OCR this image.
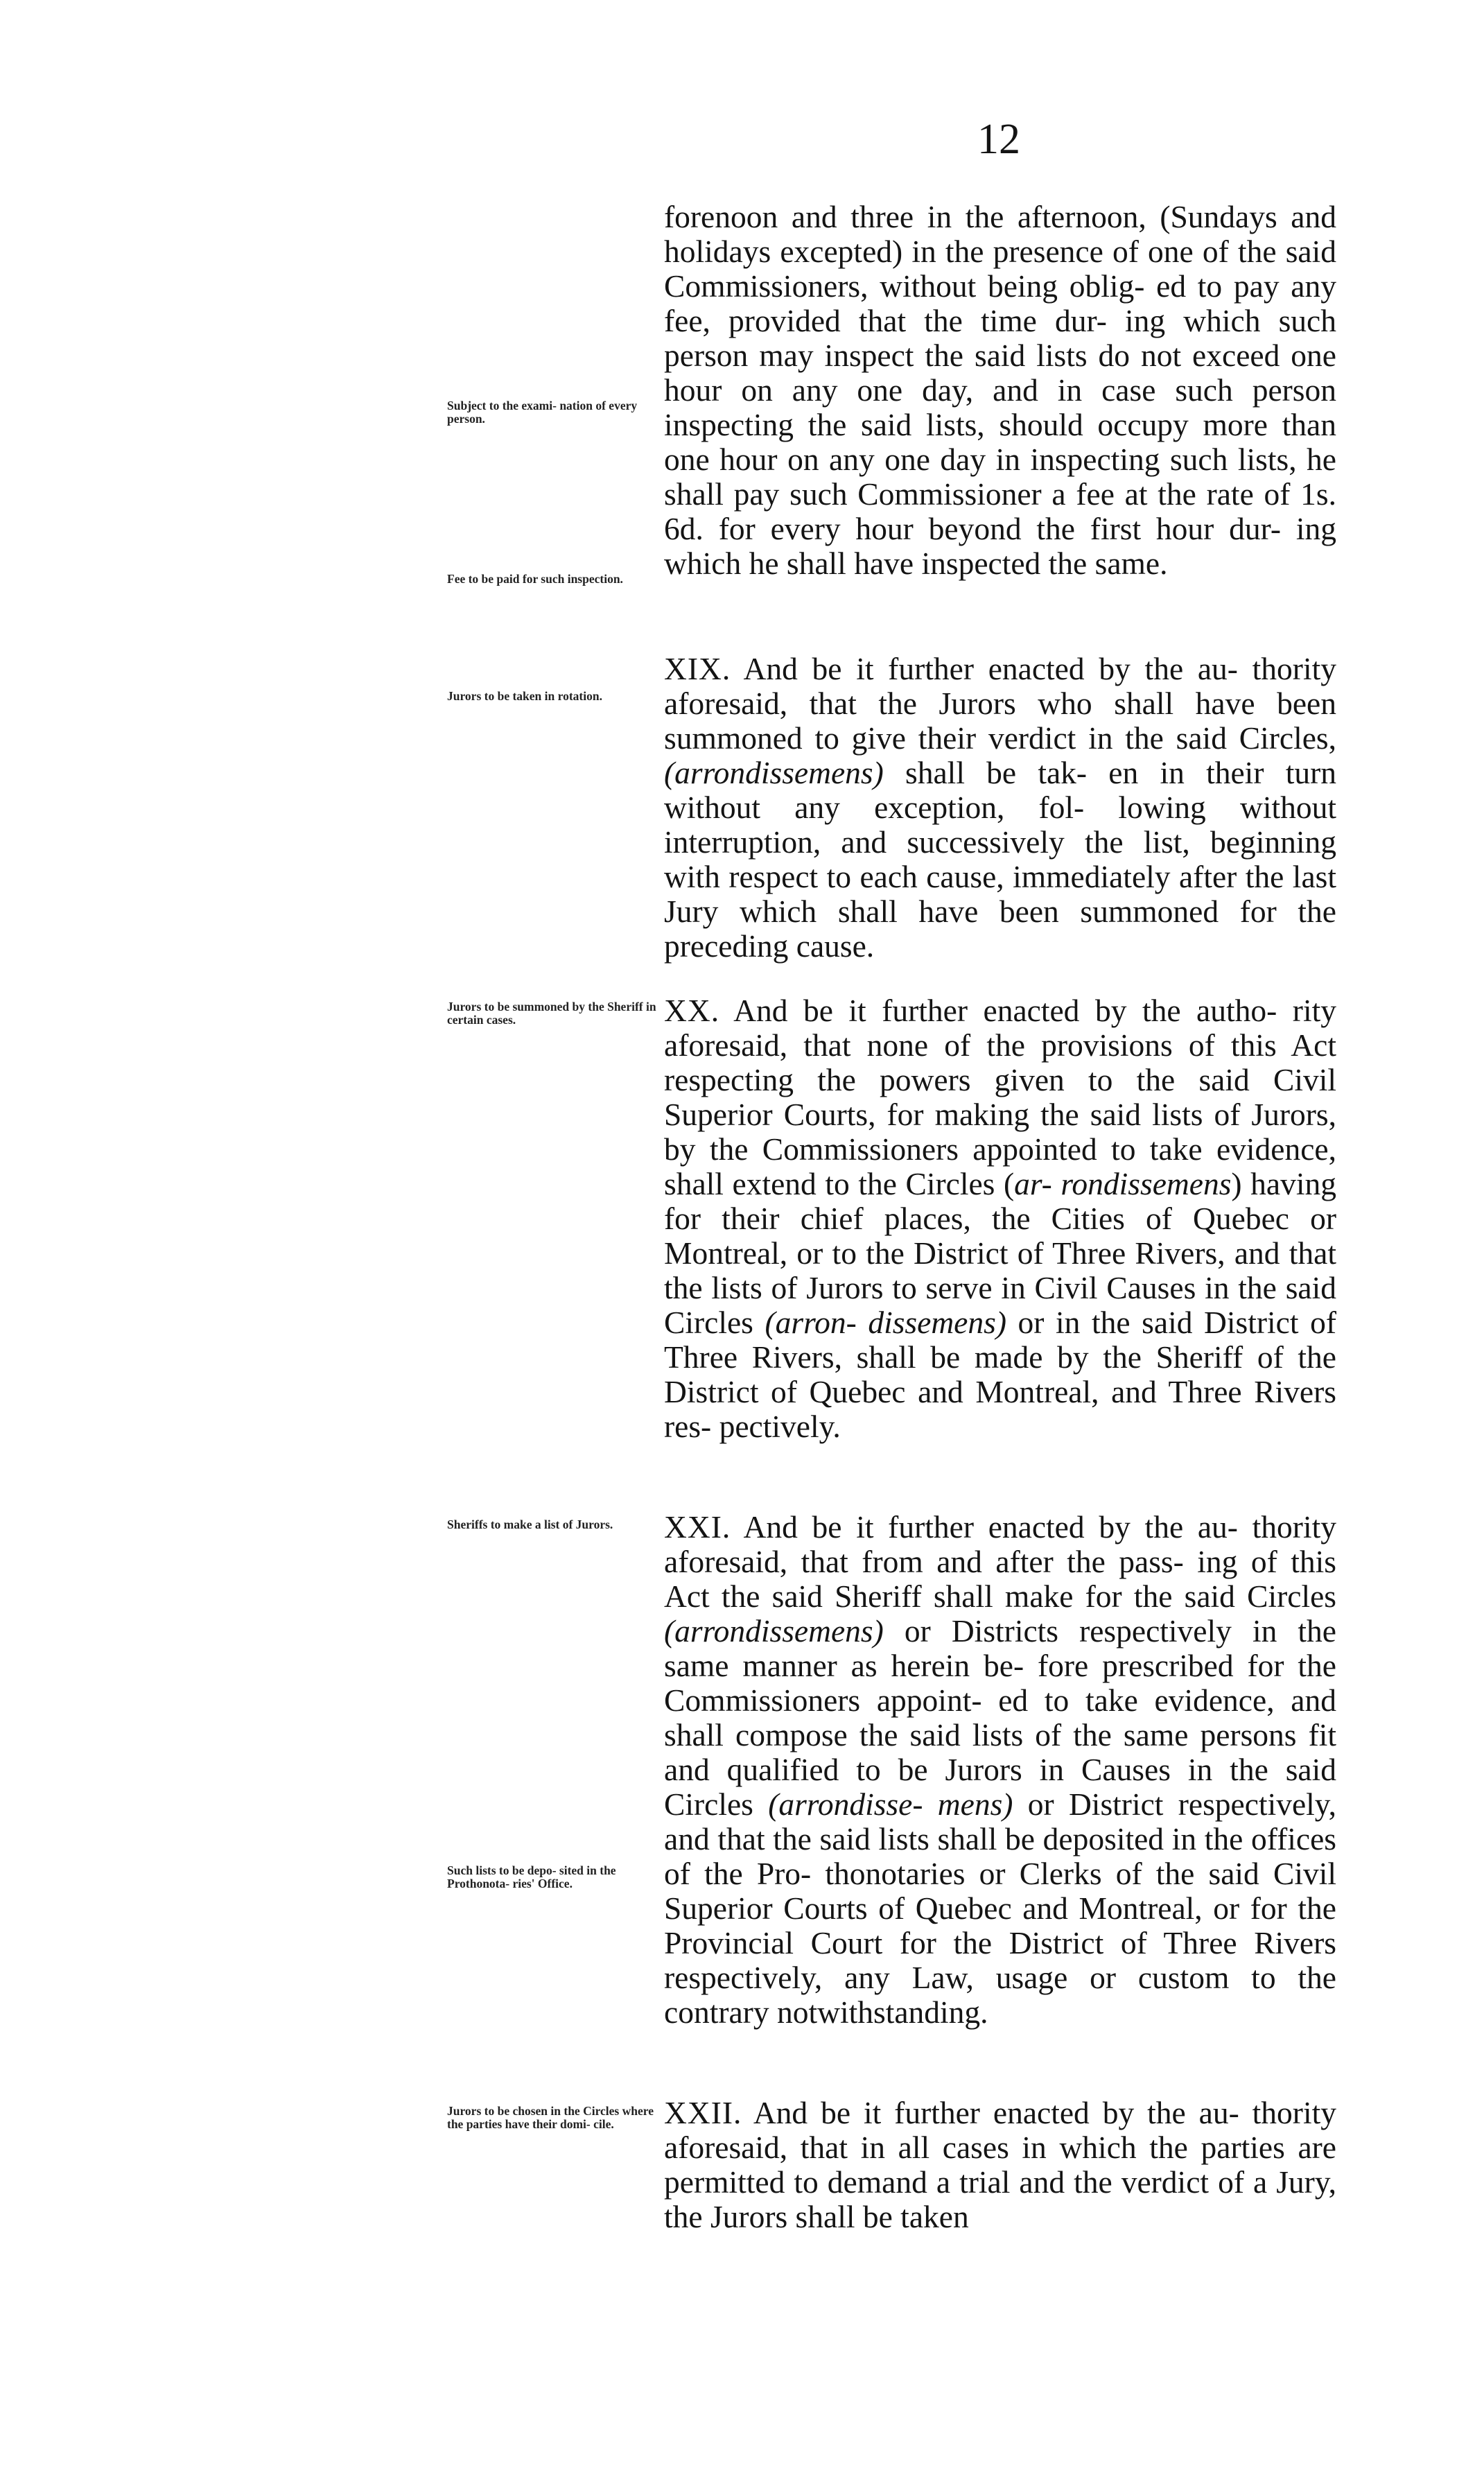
12

Subject to the exami- nation of every person.

Fee to be paid for such inspection.

Jurors to be taken in rotation.

Jurors to be summoned by the Sheriff in certain cases.

Sheriffs to make a list of Jurors.

Such lists to be depo- sited in the Prothonota- ries' Office.

Jurors to be chosen in the Circles where the parties have their domi- cile.

forenoon and three in the afternoon, (Sundays and holidays excepted) in the presence of one of the said Commissioners, without being oblig- ed to pay any fee, provided that the time dur- ing which such person may inspect the said lists do not exceed one hour on any one day, and in case such person inspecting the said lists, should occupy more than one hour on any one day in inspecting such lists, he shall pay such Commissioner a fee at the rate of 1s. 6d. for every hour beyond the first hour dur- ing which he shall have inspected the same.

XIX. And be it further enacted by the au- thority aforesaid, that the Jurors who shall have been summoned to give their verdict in the said Circles, (arrondissemens) shall be tak- en in their turn without any exception, fol- lowing without interruption, and successively the list, beginning with respect to each cause, immediately after the last Jury which shall have been summoned for the preceding cause.

XX. And be it further enacted by the autho- rity aforesaid, that none of the provisions of this Act respecting the powers given to the said Civil Superior Courts, for making the said lists of Jurors, by the Commissioners appointed to take evidence, shall extend to the Circles (ar- rondissemens) having for their chief places, the Cities of Quebec or Montreal, or to the District of Three Rivers, and that the lists of Jurors to serve in Civil Causes in the said Circles (arron- dissemens) or in the said District of Three Rivers, shall be made by the Sheriff of the District of Quebec and Montreal, and Three Rivers res- pectively.

XXI. And be it further enacted by the au- thority aforesaid, that from and after the pass- ing of this Act the said Sheriff shall make for the said Circles (arrondissemens) or Districts respectively in the same manner as herein be- fore prescribed for the Commissioners appoint- ed to take evidence, and shall compose the said lists of the same persons fit and qualified to be Jurors in Causes in the said Circles (arrondisse- mens) or District respectively, and that the said lists shall be deposited in the offices of the Pro- thonotaries or Clerks of the said Civil Superior Courts of Quebec and Montreal, or for the Provincial Court for the District of Three Rivers respectively, any Law, usage or custom to the contrary notwithstanding.

XXII. And be it further enacted by the au- thority aforesaid, that in all cases in which the parties are permitted to demand a trial and the verdict of a Jury, the Jurors shall be taken
